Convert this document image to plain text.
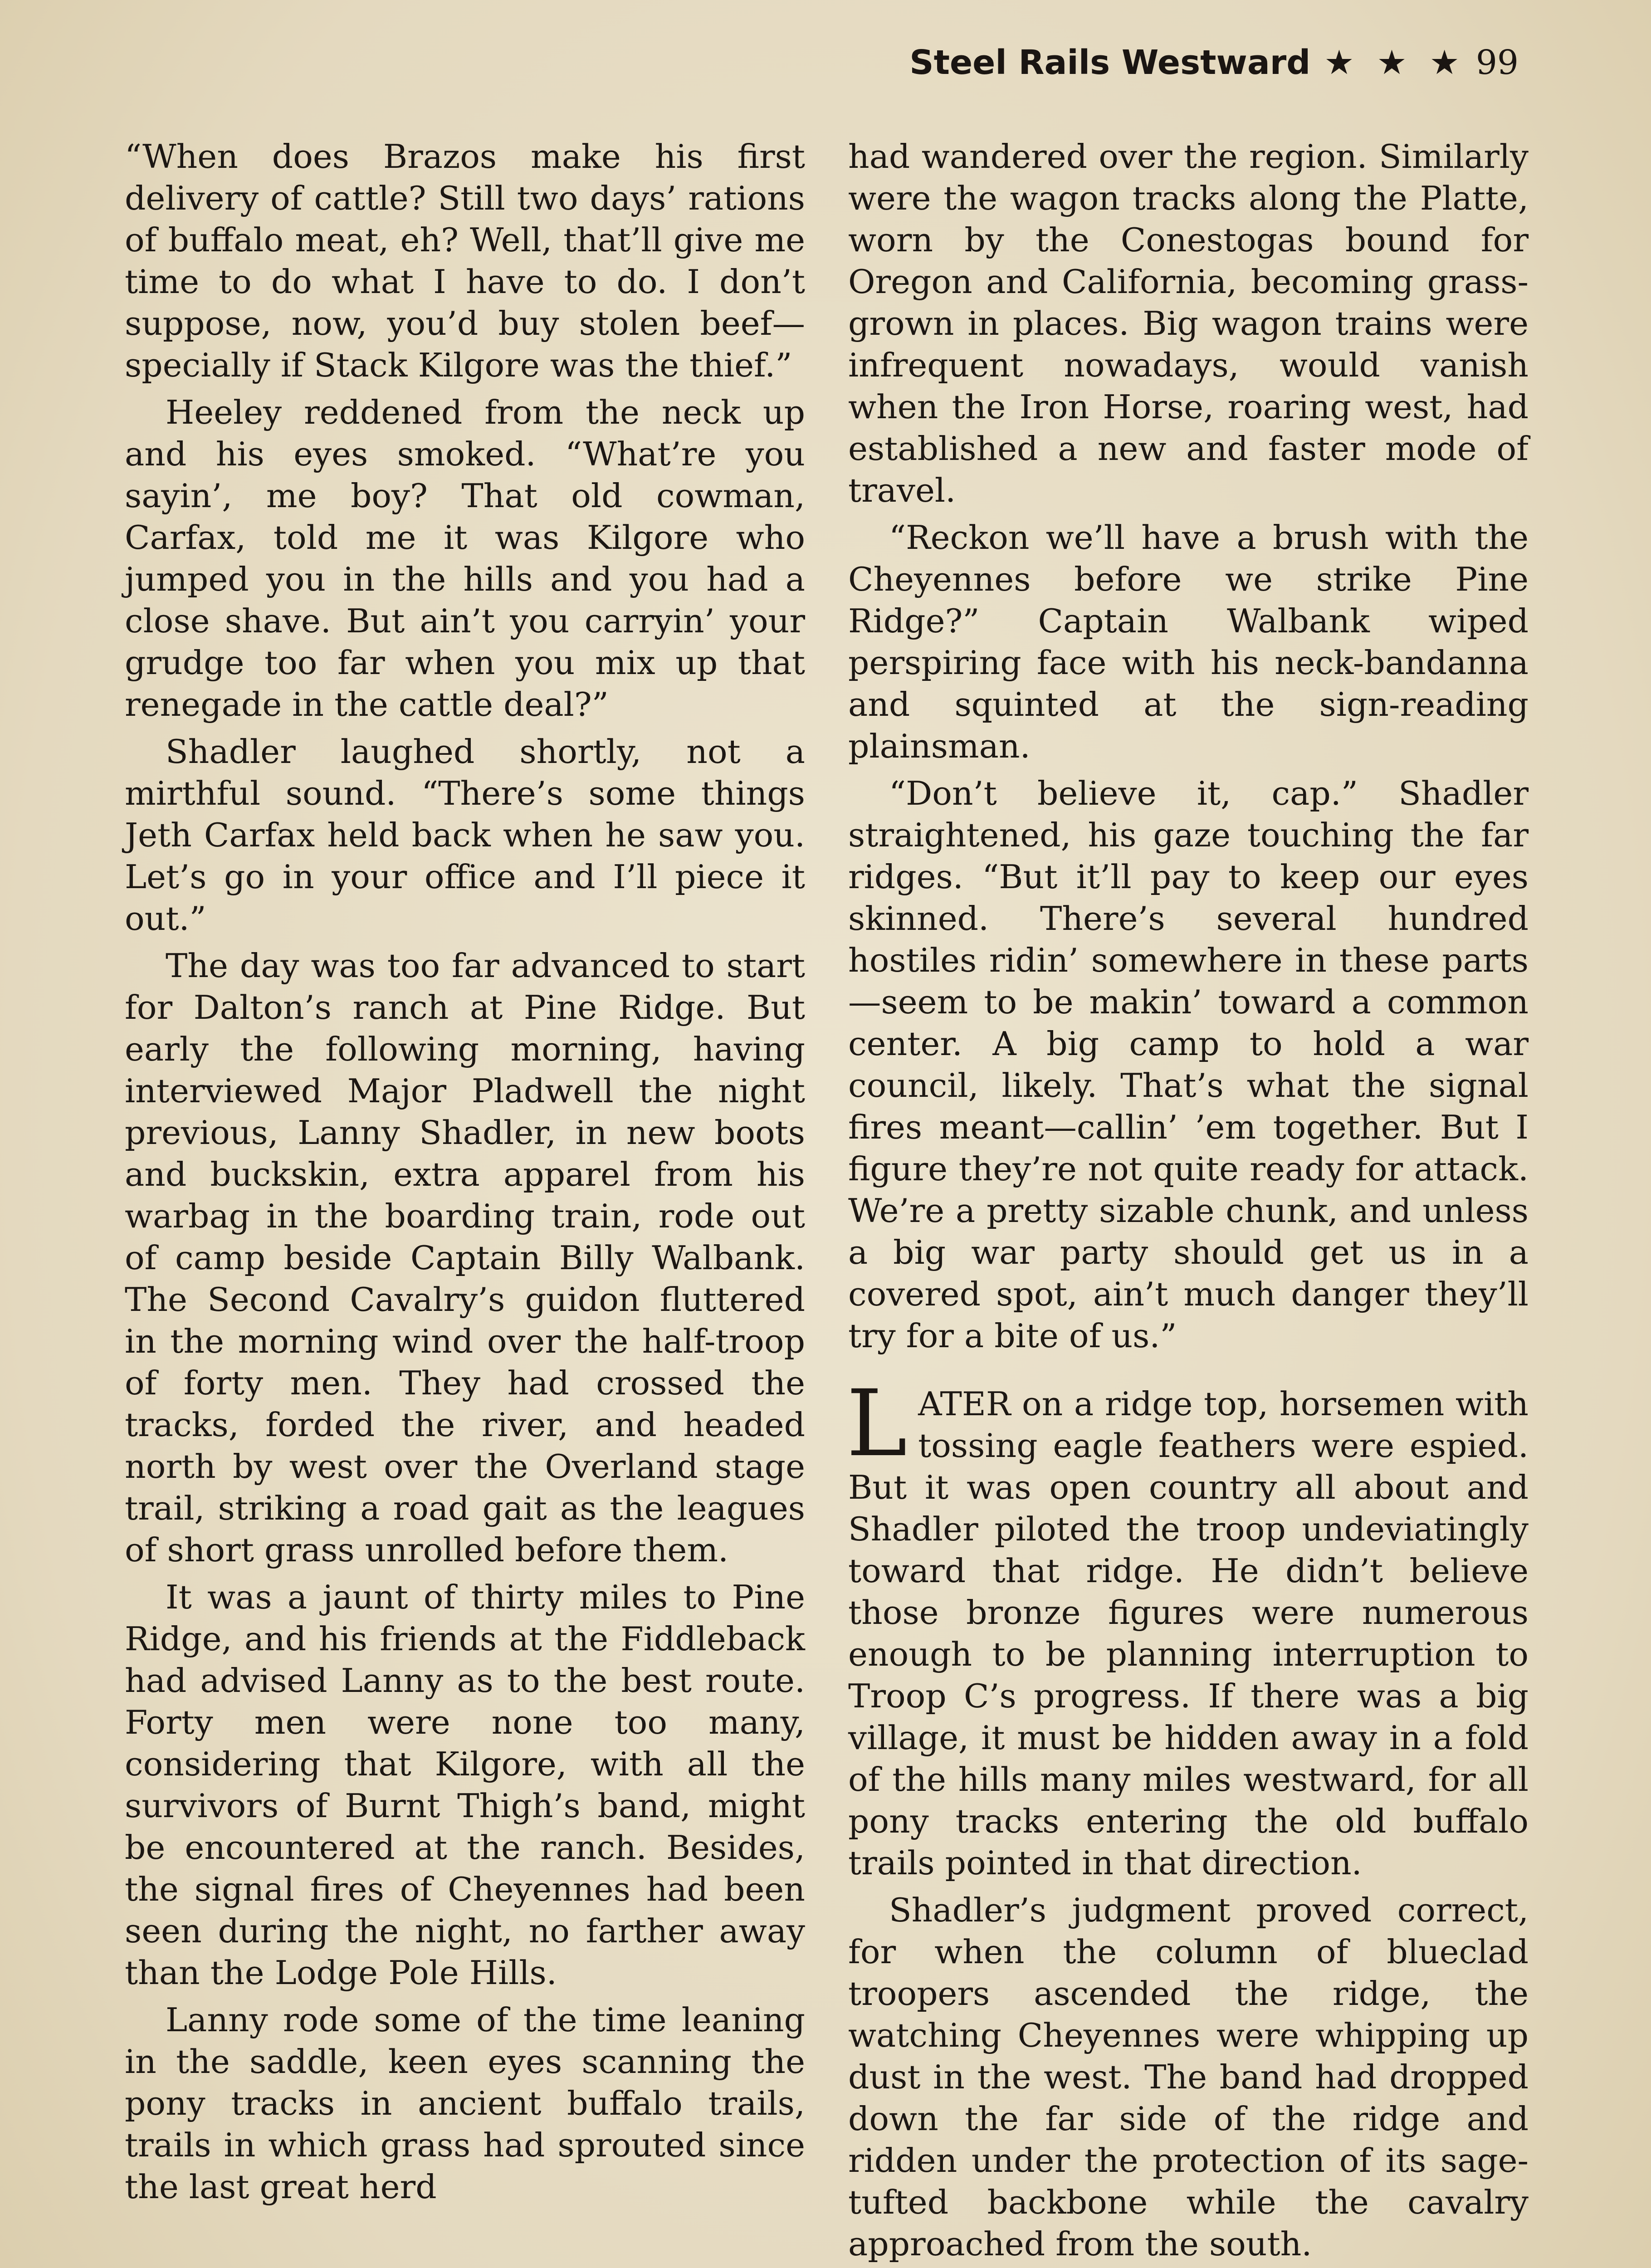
Steel Rails Westward ★ ★ ★ 99

“When does Brazos make his first delivery of cattle? Still two days’ rations of buffalo meat, eh? Well, that’ll give me time to do what I have to do. I don’t suppose, now, you’d buy stolen beef—specially if Stack Kilgore was the thief.”

Heeley reddened from the neck up and his eyes smoked. “What’re you sayin’, me boy? That old cowman, Carfax, told me it was Kilgore who jumped you in the hills and you had a close shave. But ain’t you carryin’ your grudge too far when you mix up that renegade in the cattle deal?”

Shadler laughed shortly, not a mirthful sound. “There’s some things Jeth Carfax held back when he saw you. Let’s go in your office and I’ll piece it out.”

The day was too far advanced to start for Dalton’s ranch at Pine Ridge. But early the following morning, having interviewed Major Pladwell the night previous, Lanny Shadler, in new boots and buckskin, extra apparel from his warbag in the boarding train, rode out of camp beside Captain Billy Walbank. The Second Cavalry’s guidon fluttered in the morning wind over the half-troop of forty men. They had crossed the tracks, forded the river, and headed north by west over the Overland stage trail, striking a road gait as the leagues of short grass unrolled before them.

It was a jaunt of thirty miles to Pine Ridge, and his friends at the Fiddleback had advised Lanny as to the best route. Forty men were none too many, considering that Kilgore, with all the survivors of Burnt Thigh’s band, might be encountered at the ranch. Besides, the signal fires of Cheyennes had been seen during the night, no farther away than the Lodge Pole Hills.

Lanny rode some of the time leaning in the saddle, keen eyes scanning the pony tracks in ancient buffalo trails, trails in which grass had sprouted since the last great herd

had wandered over the region. Similarly were the wagon tracks along the Platte, worn by the Conestogas bound for Oregon and California, becoming grass-grown in places. Big wagon trains were infrequent nowadays, would vanish when the Iron Horse, roaring west, had established a new and faster mode of travel.

“Reckon we’ll have a brush with the Cheyennes before we strike Pine Ridge?” Captain Walbank wiped perspiring face with his neck-bandanna and squinted at the sign-reading plainsman.

“Don’t believe it, cap.” Shadler straightened, his gaze touching the far ridges. “But it’ll pay to keep our eyes skinned. There’s several hundred hostiles ridin’ somewhere in these parts—seem to be makin’ toward a common center. A big camp to hold a war council, likely. That’s what the signal fires meant—callin’ ’em together. But I figure they’re not quite ready for attack. We’re a pretty sizable chunk, and unless a big war party should get us in a covered spot, ain’t much danger they’ll try for a bite of us.”

LATER on a ridge top, horsemen with tossing eagle feathers were espied. But it was open country all about and Shadler piloted the troop undeviatingly toward that ridge. He didn’t believe those bronze figures were numerous enough to be planning interruption to Troop C’s progress. If there was a big village, it must be hidden away in a fold of the hills many miles westward, for all pony tracks entering the old buffalo trails pointed in that direction.

Shadler’s judgment proved correct, for when the column of blueclad troopers ascended the ridge, the watching Cheyennes were whipping up dust in the west. The band had dropped down the far side of the ridge and ridden under the protection of its sage-tufted backbone while the cavalry approached from the south.
